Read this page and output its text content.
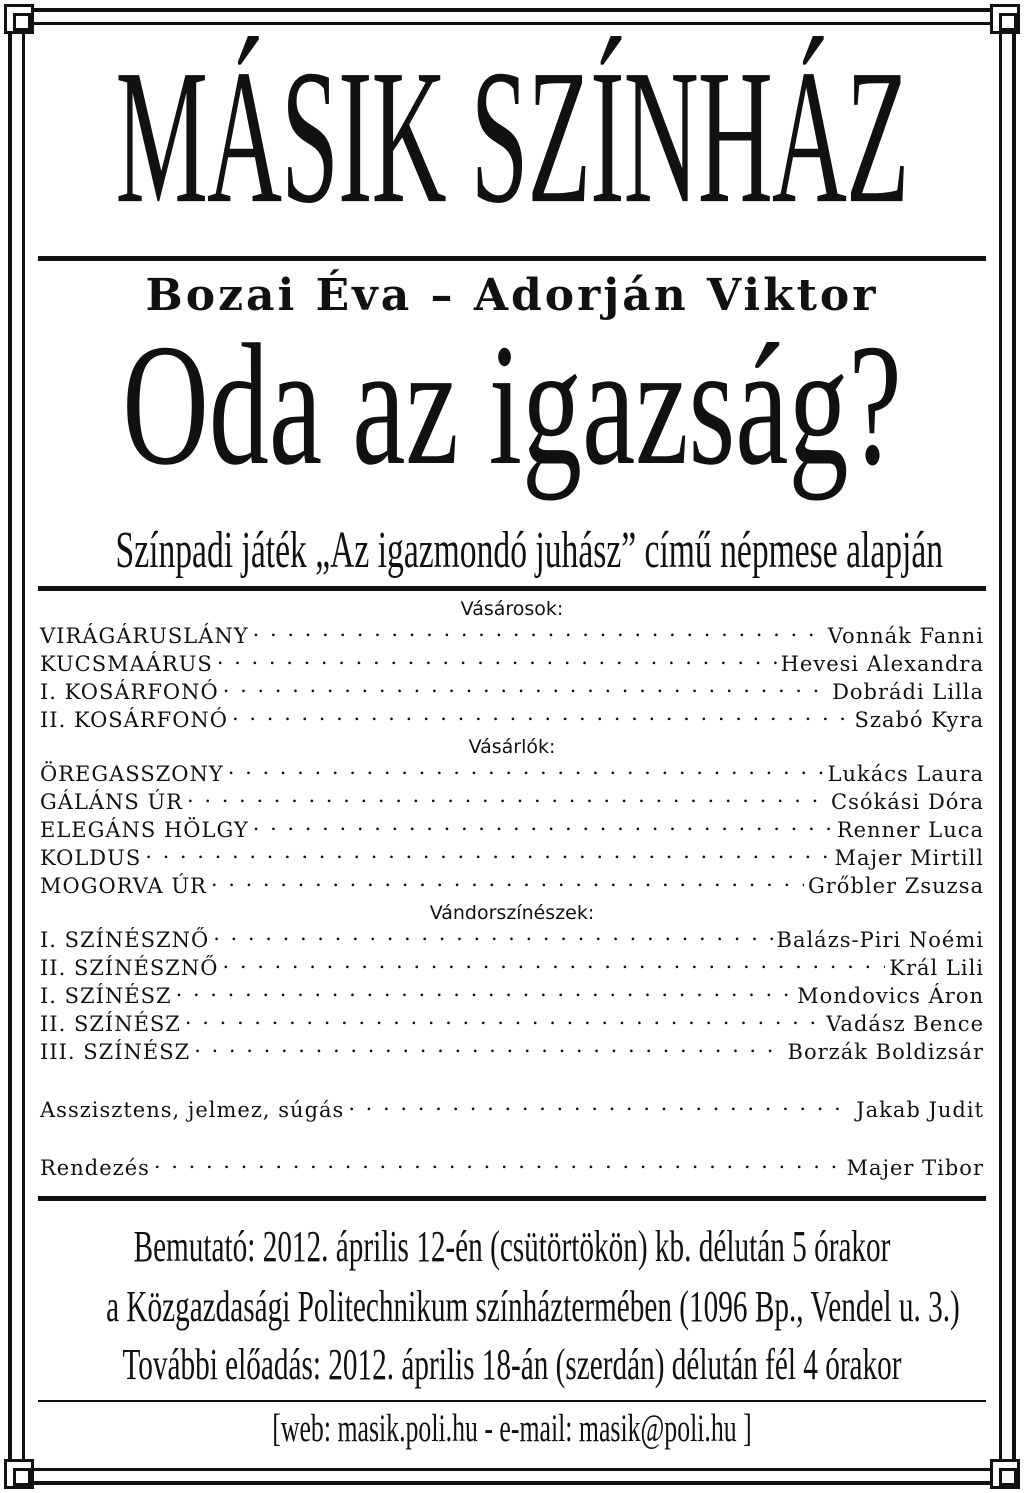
MÁSIK SZÍNHÁZ
Bozai Éva – Adorján Viktor
Oda az igazság?
Színpadi játék „Az igazmondó juhász” című népmese alapján
Vásárosok:
VIRÁGÁRUSLÁNY . . .	Vonnák Fanni
KUCSMAÁRUS . . .	Hevesi Alexandra
I. KOSÁRFONÓ . . .	Dobrádi Lilla
II. KOSÁRFONÓ . . .	Szabó Kyra
Vásárlók:
ÖREGASSZONY . . .	Lukács Laura
GÁLÁNS ÚR . . .	Csókási Dóra
ELEGÁNS HÖLGY . . .	Renner Luca
KOLDUS . . .	Majer Mirtill
MOGORVA ÚR . . .	Grőbler Zsuzsa
Vándorszínészek:
I. SZÍNÉSZNŐ . . .	Balázs-Piri Noémi
II. SZÍNÉSZNŐ . . .	Král Lili
I. SZÍNÉSZ . . .	Mondovics Áron
II. SZÍNÉSZ . . .	Vadász Bence
III. SZÍNÉSZ . . .	Borzák Boldizsár
Asszisztens, jelmez, súgás . . .	Jakab Judit
Rendezés . . .	Majer Tibor
Bemutató: 2012. április 12-én (csütörtökön) kb. délután 5 órakor
a Közgazdasági Politechnikum színháztermében (1096 Bp., Vendel u. 3.)
További előadás: 2012. április 18-án (szerdán) délután fél 4 órakor
[web: masik.poli.hu - e-mail: masik@poli.hu ]
